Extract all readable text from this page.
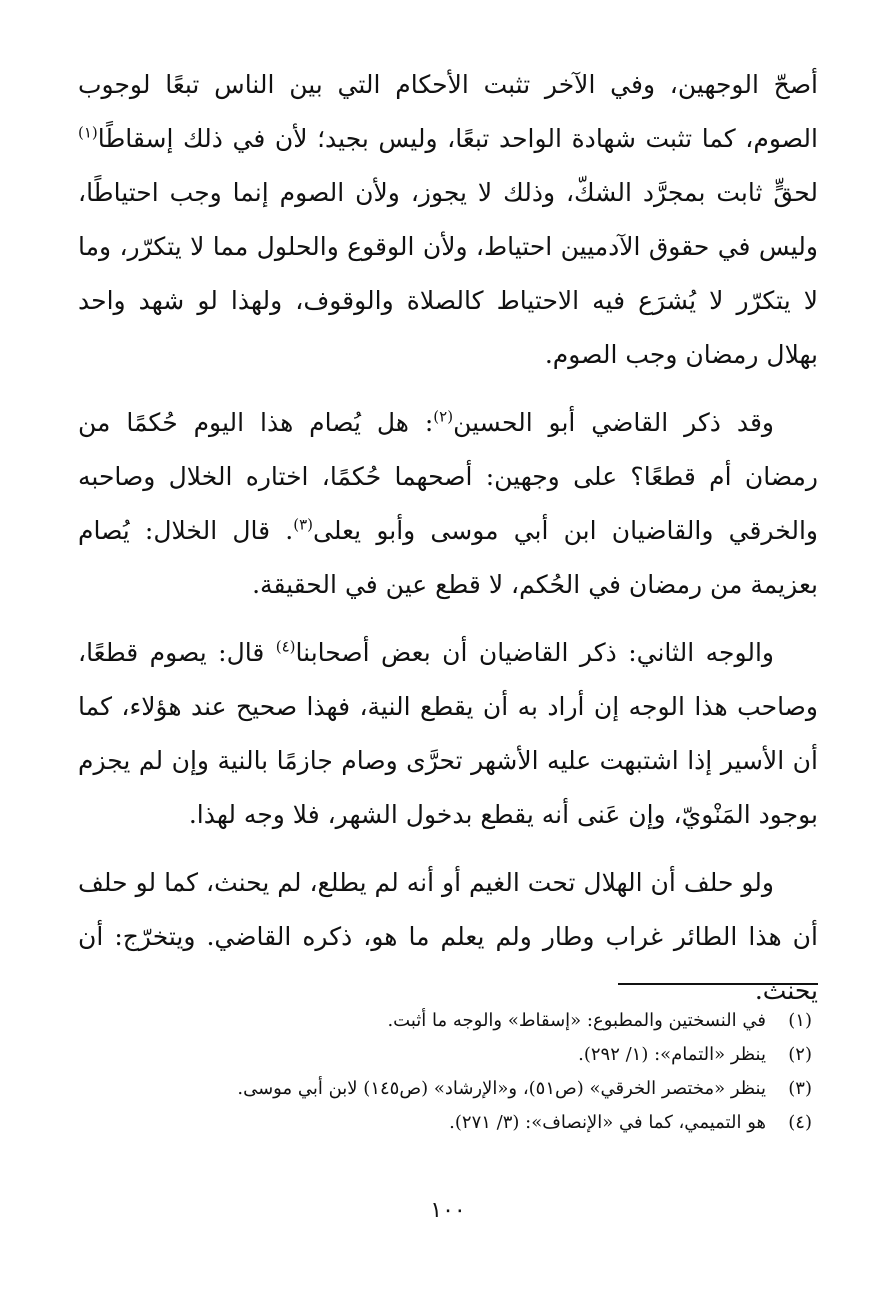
أصحّ الوجهين، وفي الآخر تثبت الأحكام التي بين الناس تبعًا لوجوب الصوم، كما تثبت شهادة الواحد تبعًا، وليس بجيد؛ لأن في ذلك إسقاطًا$^{(١)}$ لحقٍّ ثابت بمجرَّد الشكّ، وذلك لا يجوز، ولأن الصوم إنما وجب احتياطًا، وليس في حقوق الآدميين احتياط، ولأن الوقوع والحلول مما لا يتكرّر، وما لا يتكرّر لا يُشرَع فيه الاحتياط كالصلاة والوقوف، ولهذا لو شهد واحد بهلال رمضان وجب الصوم.

وقد ذكر القاضي أبو الحسين$^{(٢)}$: هل يُصام هذا اليوم حُكمًا من رمضان أم قطعًا؟ على وجهين: أصحهما حُكمًا، اختاره الخلال وصاحبه والخرقي والقاضيان ابن أبي موسى وأبو يعلى$^{(٣)}$. قال الخلال: يُصام بعزيمة من رمضان في الحُكم، لا قطع عين في الحقيقة.

والوجه الثاني: ذكر القاضيان أن بعض أصحابنا$^{(٤)}$ قال: يصوم قطعًا، وصاحب هذا الوجه إن أراد به أن يقطع النية، فهذا صحيح عند هؤلاء، كما أن الأسير إذا اشتبهت عليه الأشهر تحرَّى وصام جازمًا بالنية وإن لم يجزم بوجود المَنْويّ، وإن عَنى أنه يقطع بدخول الشهر، فلا وجه لهذا.

ولو حلف أن الهلال تحت الغيم أو أنه لم يطلع، لم يحنث، كما لو حلف أن هذا الطائر غراب وطار ولم يعلم ما هو، ذكره القاضي. ويتخرّج: أن يحنث.

(١)في النسختين والمطبوع: «إسقاط» والوجه ما أثبت.
(٢)ينظر «التمام»: (١/ ٢٩٢).
(٣)ينظر «مختصر الخرقي» (ص٥١)، و«الإرشاد» (ص١٤٥) لابن أبي موسى.
(٤)هو التميمي، كما في «الإنصاف»: (٣/ ٢٧١).
١٠٠
